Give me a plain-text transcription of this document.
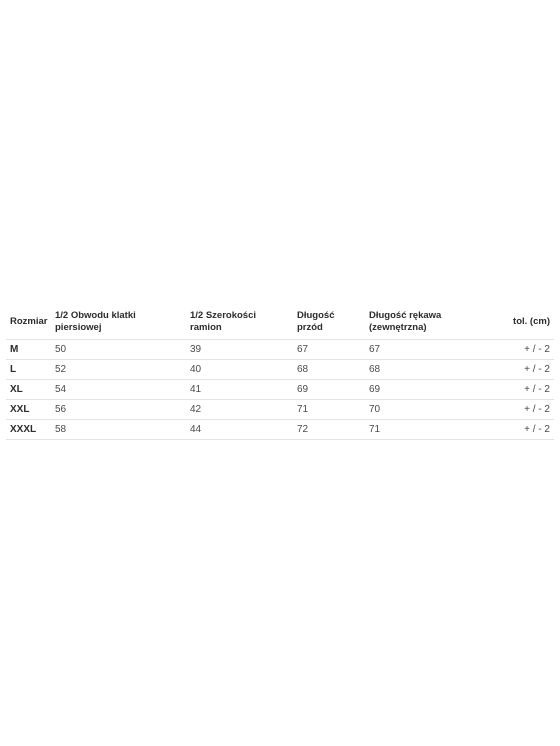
Rozmiar	1/2 Obwodu klatki piersiowej	1/2 Szerokości ramion	Długość przód	Długość rękawa (zewnętrzna)	tol. (cm)
M	50	39	67	67	+ / - 2
L	52	40	68	68	+ / - 2
XL	54	41	69	69	+ / - 2
XXL	56	42	71	70	+ / - 2
XXXL	58	44	72	71	+ / - 2
